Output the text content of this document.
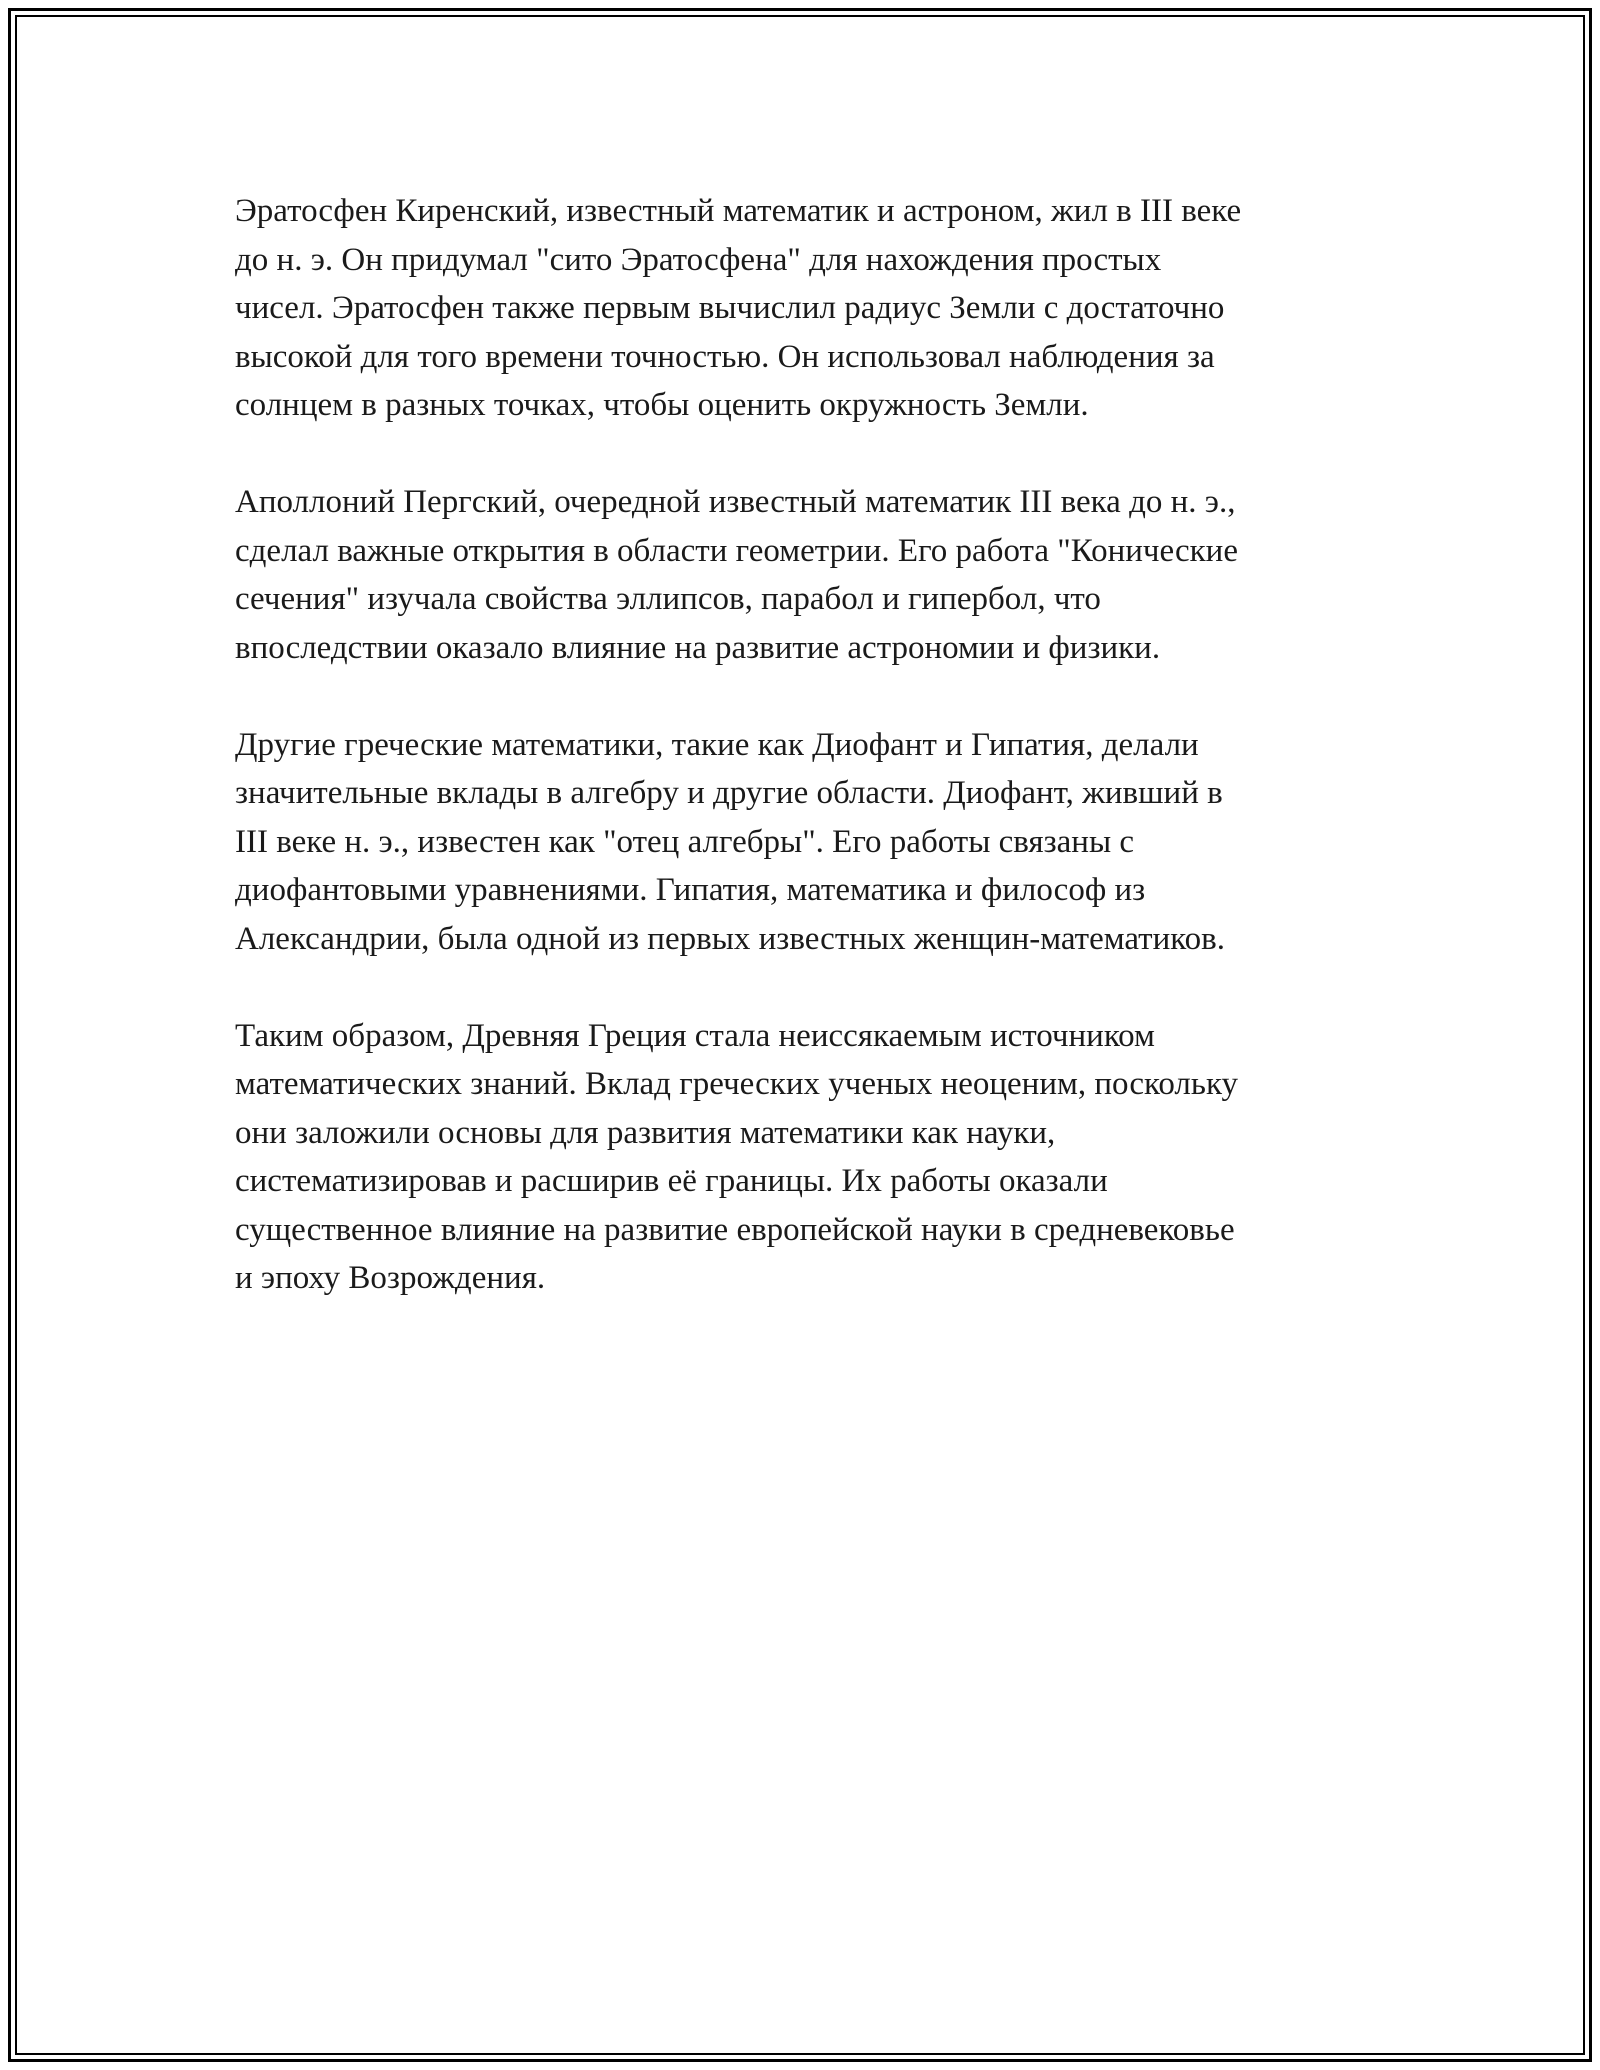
Эратосфен Киренский, известный математик и астроном, жил в III веке
до н. э. Он придумал "сито Эратосфена" для нахождения простых
чисел. Эратосфен также первым вычислил радиус Земли с достаточно
высокой для того времени точностью. Он использовал наблюдения за
солнцем в разных точках, чтобы оценить окружность Земли.

Аполлоний Пергский, очередной известный математик III века до н. э.,
сделал важные открытия в области геометрии. Его работа "Конические
сечения" изучала свойства эллипсов, парабол и гипербол, что
впоследствии оказало влияние на развитие астрономии и физики.

Другие греческие математики, такие как Диофант и Гипатия, делали
значительные вклады в алгебру и другие области. Диофант, живший в
III веке н. э., известен как "отец алгебры". Его работы связаны с
диофантовыми уравнениями. Гипатия, математика и философ из
Александрии, была одной из первых известных женщин-математиков.

Таким образом, Древняя Греция стала неиссякаемым источником
математических знаний. Вклад греческих ученых неоценим, поскольку
они заложили основы для развития математики как науки,
систематизировав и расширив её границы. Их работы оказали
существенное влияние на развитие европейской науки в средневековье
и эпоху Возрождения.
